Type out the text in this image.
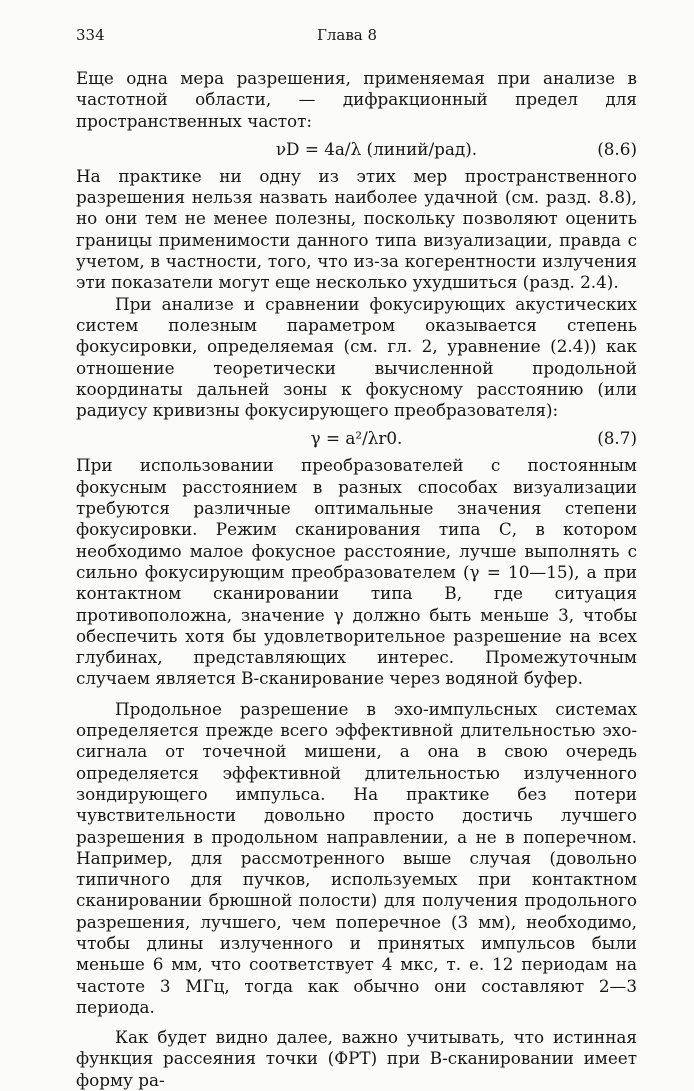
334	Глава 8

Еще одна мера разрешения, применяемая при анализе в частотной области, — дифракционный предел для пространственных частот:

νD = 4a/λ (линий/рад).	(8.6)

На практике ни одну из этих мер пространственного разрешения нельзя назвать наиболее удачной (см. разд. 8.8), но они тем не менее полезны, поскольку позволяют оценить границы применимости данного типа визуализации, правда с учетом, в частности, того, что из-за когерентности излучения эти показатели могут еще несколько ухудшиться (разд. 2.4).

При анализе и сравнении фокусирующих акустических систем полезным параметром оказывается степень фокусировки, определяемая (см. гл. 2, уравнение (2.4)) как отношение теоретически вычисленной продольной координаты дальней зоны к фокусному расстоянию (или радиусу кривизны фокусирующего преобразователя):

γ = a²/λr0.	(8.7)

При использовании преобразователей с постоянным фокусным расстоянием в разных способах визуализации требуются различные оптимальные значения степени фокусировки. Режим сканирования типа С, в котором необходимо малое фокусное расстояние, лучше выполнять с сильно фокусирующим преобразователем (γ = 10—15), а при контактном сканировании типа В, где ситуация противоположна, значение γ должно быть меньше 3, чтобы обеспечить хотя бы удовлетворительное разрешение на всех глубинах, представляющих интерес. Промежуточным случаем является В-сканирование через водяной буфер.

Продольное разрешение в эхо-импульсных системах определяется прежде всего эффективной длительностью эхо-сигнала от точечной мишени, а она в свою очередь определяется эффективной длительностью излученного зондирующего импульса. На практике без потери чувствительности довольно просто достичь лучшего разрешения в продольном направлении, а не в поперечном. Например, для рассмотренного выше случая (довольно типичного для пучков, используемых при контактном сканировании брюшной полости) для получения продольного разрешения, лучшего, чем поперечное (3 мм), необходимо, чтобы длины излученного и принятых импульсов были меньше 6 мм, что соответствует 4 мкс, т. е. 12 периодам на частоте 3 МГц, тогда как обычно они составляют 2—3 периода.

Как будет видно далее, важно учитывать, что истинная функция рассеяния точки (ФРТ) при В-сканировании имеет форму ра-
